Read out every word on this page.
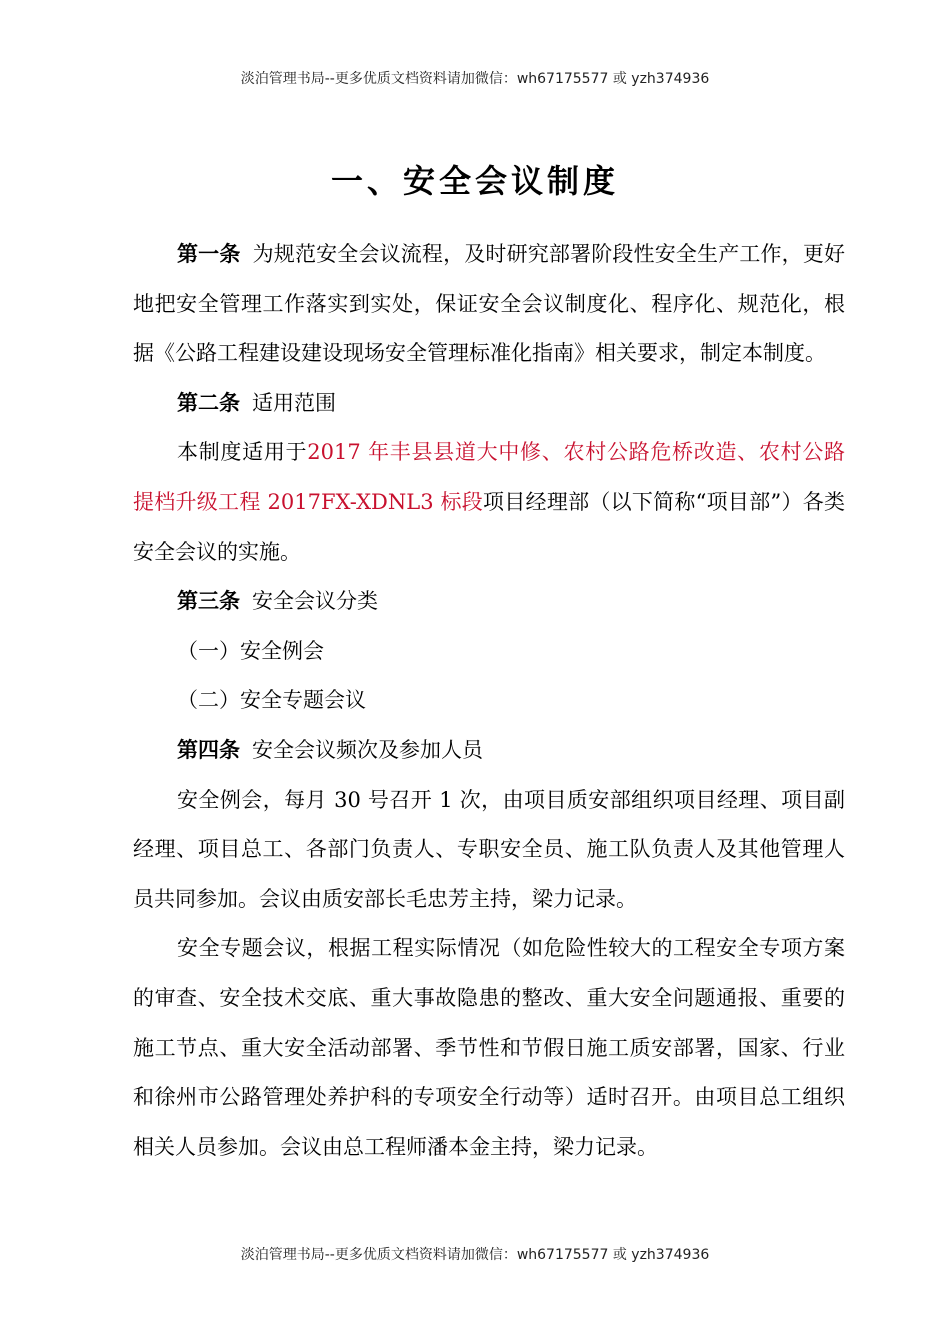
淡泊管理书局--更多优质文档资料请加微信：wh67175577 或 yzh374936
一、安全会议制度

第一条 为规范安全会议流程，及时研究部署阶段性安全生产工作，更好地把安全管理工作落实到实处，保证安全会议制度化、程序化、规范化，根据《公路工程建设建设现场安全管理标准化指南》相关要求，制定本制度。

第二条 适用范围

本制度适用于2017 年丰县县道大中修、农村公路危桥改造、农村公路提档升级工程 2017FX-XDNL3 标段项目经理部（以下简称“项目部”）各类安全会议的实施。

第三条 安全会议分类

（一）安全例会

（二）安全专题会议

第四条 安全会议频次及参加人员

安全例会，每月 30 号召开 1 次，由项目质安部组织项目经理、项目副经理、项目总工、各部门负责人、专职安全员、施工队负责人及其他管理人员共同参加。会议由质安部长毛忠芳主持，梁力记录。

安全专题会议，根据工程实际情况（如危险性较大的工程安全专项方案的审查、安全技术交底、重大事故隐患的整改、重大安全问题通报、重要的施工节点、重大安全活动部署、季节性和节假日施工质安部署，国家、行业和徐州市公路管理处养护科的专项安全行动等）适时召开。由项目总工组织相关人员参加。会议由总工程师潘本金主持，梁力记录。

淡泊管理书局--更多优质文档资料请加微信：wh67175577 或 yzh374936
